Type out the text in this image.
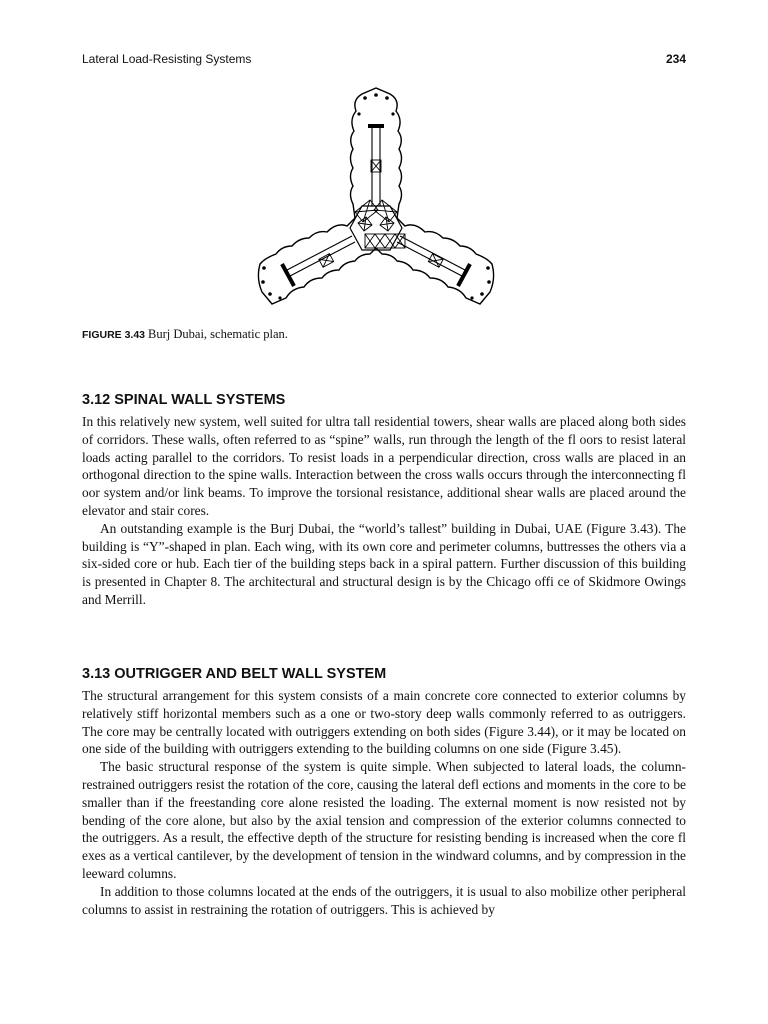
Lateral Load-Resisting Systems	234
FIGURE 3.43 Burj Dubai, schematic plan.
3.12 SPINAL WALL SYSTEMS

In this relatively new system, well suited for ultra tall residential towers, shear walls are placed along both sides of corridors. These walls, often referred to as “spine” walls, run through the length of the fl oors to resist lateral loads acting parallel to the corridors. To resist loads in a perpendicular direction, cross walls are placed in an orthogonal direction to the spine walls. Interaction between the cross walls occurs through the interconnecting fl oor system and/or link beams. To improve the torsional resistance, additional shear walls are placed around the elevator and stair cores.

An outstanding example is the Burj Dubai, the “world’s tallest” building in Dubai, UAE (Figure 3.43). The building is “Y”-shaped in plan. Each wing, with its own core and perimeter columns, buttresses the others via a six-sided core or hub. Each tier of the building steps back in a spiral pattern. Further discussion of this building is presented in Chapter 8. The architectural and structural design is by the Chicago offi ce of Skidmore Owings and Merrill.

3.13 OUTRIGGER AND BELT WALL SYSTEM

The structural arrangement for this system consists of a main concrete core connected to exterior columns by relatively stiff horizontal members such as a one or two-story deep walls commonly referred to as outriggers. The core may be centrally located with outriggers extending on both sides (Figure 3.44), or it may be located on one side of the building with outriggers extending to the building columns on one side (Figure 3.45).

The basic structural response of the system is quite simple. When subjected to lateral loads, the column-restrained outriggers resist the rotation of the core, causing the lateral defl ections and moments in the core to be smaller than if the freestanding core alone resisted the loading. The external moment is now resisted not by bending of the core alone, but also by the axial tension and compression of the exterior columns connected to the outriggers. As a result, the effective depth of the structure for resisting bending is increased when the core fl exes as a vertical cantilever, by the development of tension in the windward columns, and by compression in the leeward columns.

In addition to those columns located at the ends of the outriggers, it is usual to also mobilize other peripheral columns to assist in restraining the rotation of outriggers. This is achieved by
